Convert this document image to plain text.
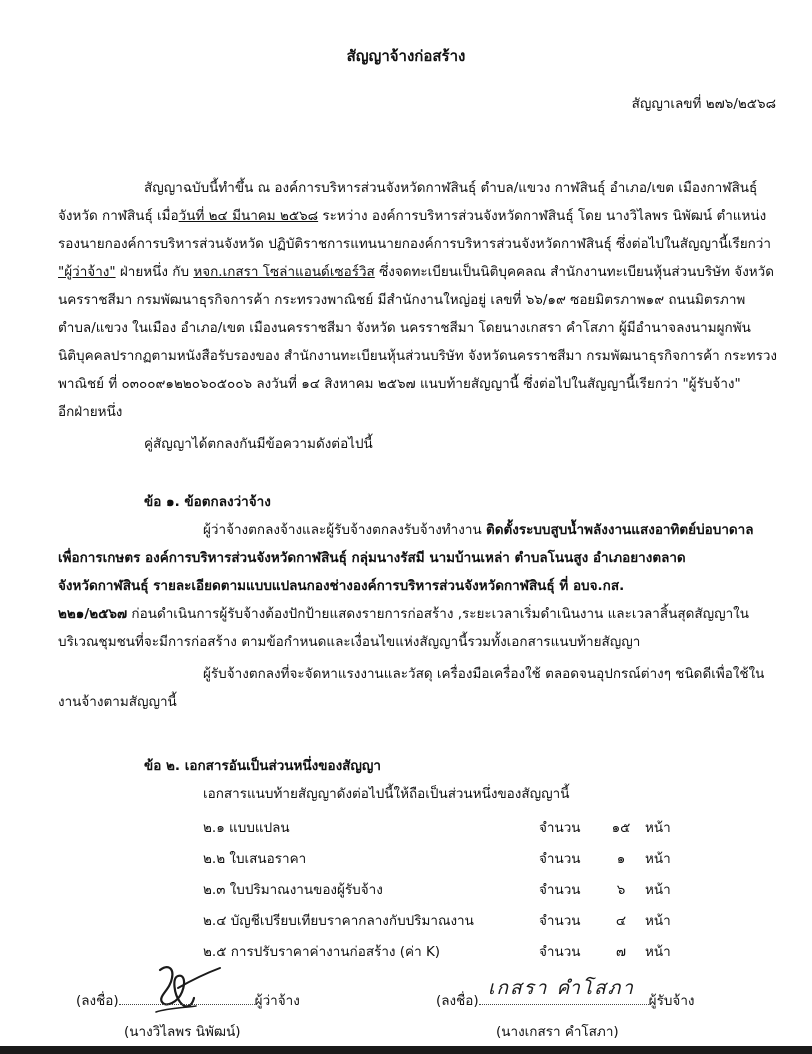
สัญญาจ้างก่อสร้าง
สัญญาเลขที่ ๒๗๖/๒๕๖๘
สัญญาฉบับนี้ทำขึ้น ณ องค์การบริหารส่วนจังหวัดกาฬสินธุ์ ตำบล/แขวง กาฬสินธุ์ อำเภอ/เขต เมืองกาฬสินธุ์
จังหวัด กาฬสินธุ์ เมื่อวันที่ ๒๔ มีนาคม ๒๕๖๘ ระหว่าง องค์การบริหารส่วนจังหวัดกาฬสินธุ์ โดย นางวิไลพร นิพัฒน์ ตำแหน่ง
รองนายกองค์การบริหารส่วนจังหวัด ปฏิบัติราชการแทนนายกองค์การบริหารส่วนจังหวัดกาฬสินธุ์ ซึ่งต่อไปในสัญญานี้เรียกว่า
"ผู้ว่าจ้าง" ฝ่ายหนึ่ง กับ หจก.เกสรา โซล่าแอนด์เซอร์วิส ซึ่งจดทะเบียนเป็นนิติบุคคลณ สำนักงานทะเบียนหุ้นส่วนบริษัท จังหวัด
นครราชสีมา กรมพัฒนาธุรกิจการค้า กระทรวงพาณิชย์ มีสำนักงานใหญ่อยู่ เลขที่ ๖๖/๑๙ ซอยมิตรภาพ๑๙ ถนนมิตรภาพ
ตำบล/แขวง ในเมือง อำเภอ/เขต เมืองนครราชสีมา จังหวัด นครราชสีมา โดยนางเกสรา คำโสภา ผู้มีอำนาจลงนามผูกพัน
นิติบุคคลปรากฏตามหนังสือรับรองของ สำนักงานทะเบียนหุ้นส่วนบริษัท จังหวัดนครราชสีมา กรมพัฒนาธุรกิจการค้า กระทรวง
พาณิชย์ ที่ ๐๓๐๐๙๑๒๒๐๖๐๕๐๐๖ ลงวันที่ ๑๔ สิงหาคม ๒๕๖๗ แนบท้ายสัญญานี้ ซึ่งต่อไปในสัญญานี้เรียกว่า "ผู้รับจ้าง"
อีกฝ่ายหนึ่ง
คู่สัญญาได้ตกลงกันมีข้อความดังต่อไปนี้
ข้อ ๑. ข้อตกลงว่าจ้าง
ผู้ว่าจ้างตกลงจ้างและผู้รับจ้างตกลงรับจ้างทำงาน ติดตั้งระบบสูบน้ำพลังงานแสงอาทิตย์บ่อบาดาล
เพื่อการเกษตร องค์การบริหารส่วนจังหวัดกาฬสินธุ์ กลุ่มนางรัสมี นามบ้านเหล่า ตำบลโนนสูง อำเภอยางตลาด
จังหวัดกาฬสินธุ์ รายละเอียดตามแบบแปลนกองช่างองค์การบริหารส่วนจังหวัดกาฬสินธุ์ ที่ อบจ.กส.
๒๒๑/๒๕๖๗ ก่อนดำเนินการผู้รับจ้างต้องปักป้ายแสดงรายการก่อสร้าง ,ระยะเวลาเริ่มดำเนินงาน และเวลาสิ้นสุดสัญญาใน
บริเวณชุมชนที่จะมีการก่อสร้าง ตามข้อกำหนดและเงื่อนไขแห่งสัญญานี้รวมทั้งเอกสารแนบท้ายสัญญา
ผู้รับจ้างตกลงที่จะจัดหาแรงงานและวัสดุ เครื่องมือเครื่องใช้ ตลอดจนอุปกรณ์ต่างๆ ชนิดดีเพื่อใช้ใน
งานจ้างตามสัญญานี้
ข้อ ๒. เอกสารอันเป็นส่วนหนึ่งของสัญญา
เอกสารแนบท้ายสัญญาดังต่อไปนี้ให้ถือเป็นส่วนหนึ่งของสัญญานี้
๒.๑ แบบแปลน	จำนวน	๑๕	หน้า
๒.๒ ใบเสนอราคา	จำนวน	๑	หน้า
๒.๓ ใบปริมาณงานของผู้รับจ้าง	จำนวน	๖	หน้า
๒.๔ บัญชีเปรียบเทียบราคากลางกับปริมาณงาน	จำนวน	๔	หน้า
๒.๕ การปรับราคาค่างานก่อสร้าง (ค่า K)	จำนวน	๗	หน้า
(ลงชื่อ)	ผู้ว่าจ้าง
(นางวิไลพร นิพัฒน์)
เกสรา คำโสภา
(ลงชื่อ)	ผู้รับจ้าง
(นางเกสรา คำโสภา)
